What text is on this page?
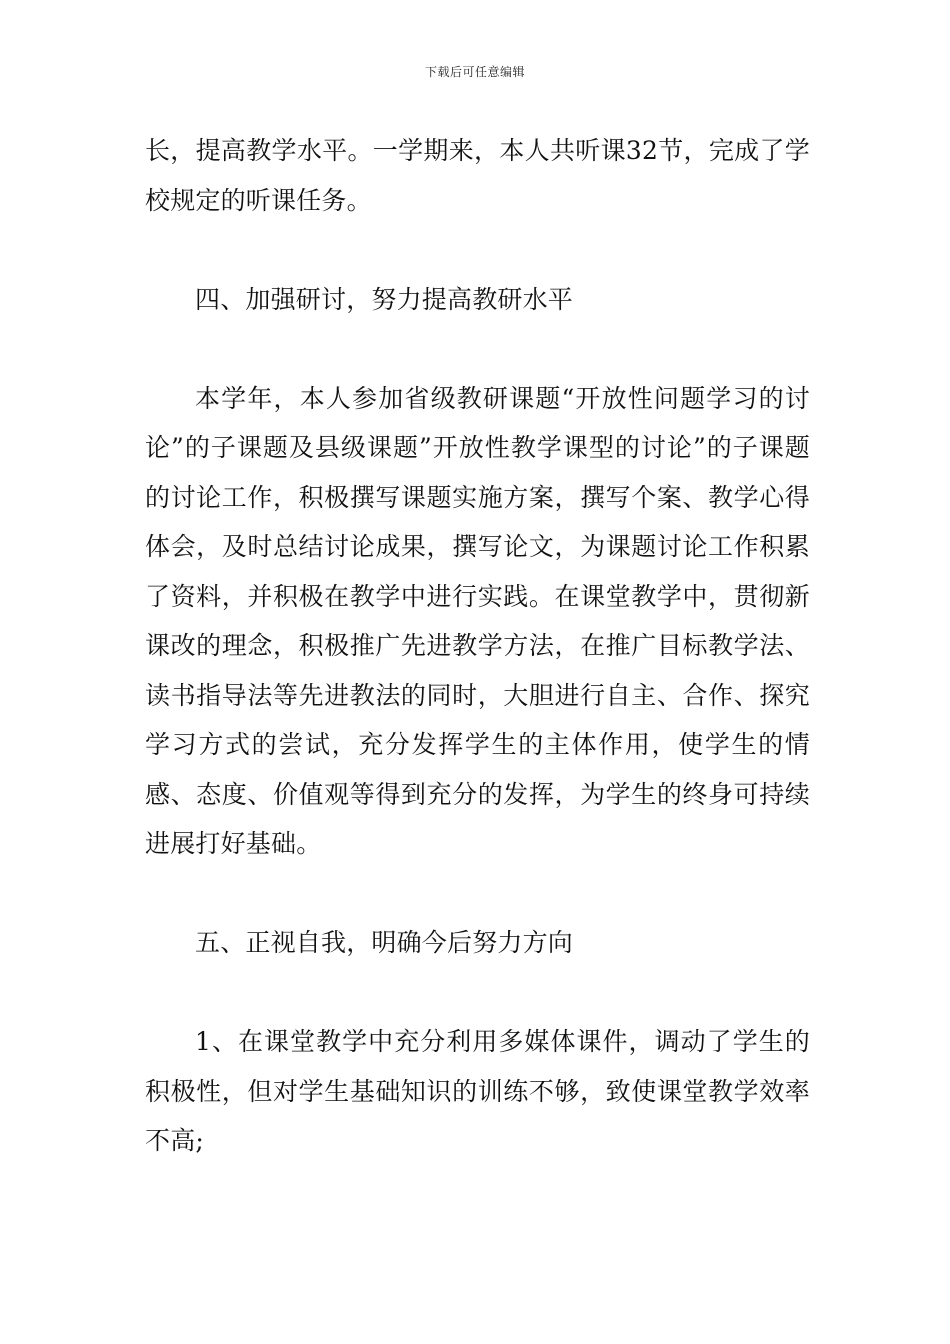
下载后可任意编辑

长，提高教学水平。一学期来，本人共听课32节，完成了学校规定的听课任务。

四、加强研讨，努力提高教研水平

本学年，本人参加省级教研课题“开放性问题学习的讨论”的子课题及县级课题”开放性教学课型的讨论”的子课题的讨论工作，积极撰写课题实施方案，撰写个案、教学心得体会，及时总结讨论成果，撰写论文，为课题讨论工作积累了资料，并积极在教学中进行实践。在课堂教学中，贯彻新课改的理念，积极推广先进教学方法，在推广目标教学法、读书指导法等先进教法的同时，大胆进行自主、合作、探究学习方式的尝试，充分发挥学生的主体作用，使学生的情感、态度、价值观等得到充分的发挥，为学生的终身可持续进展打好基础。

五、正视自我，明确今后努力方向

1、在课堂教学中充分利用多媒体课件，调动了学生的积极性，但对学生基础知识的训练不够，致使课堂教学效率不高;
